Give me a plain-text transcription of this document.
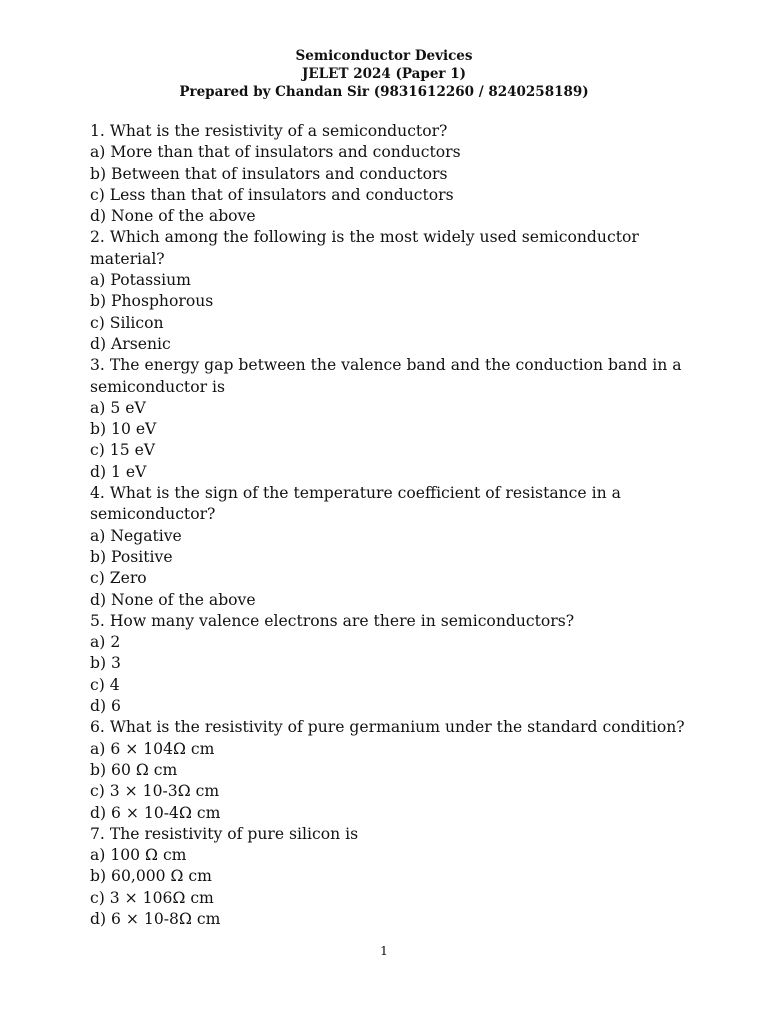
Semiconductor Devices
JELET 2024 (Paper 1)
Prepared by Chandan Sir (9831612260 / 8240258189)
1. What is the resistivity of a semiconductor?
a) More than that of insulators and conductors
b) Between that of insulators and conductors
c) Less than that of insulators and conductors
d) None of the above
2. Which among the following is the most widely used semiconductor
material?
a) Potassium
b) Phosphorous
c) Silicon
d) Arsenic
3. The energy gap between the valence band and the conduction band in a
semiconductor is
a) 5 eV
b) 10 eV
c) 15 eV
d) 1 eV
4. What is the sign of the temperature coefficient of resistance in a
semiconductor?
a) Negative
b) Positive
c) Zero
d) None of the above
5. How many valence electrons are there in semiconductors?
a) 2
b) 3
c) 4
d) 6
6. What is the resistivity of pure germanium under the standard condition?
a) 6 × 104Ω cm
b) 60 Ω cm
c) 3 × 10-3Ω cm
d) 6 × 10-4Ω cm
7. The resistivity of pure silicon is
a) 100 Ω cm
b) 60,000 Ω cm
c) 3 × 106Ω cm
d) 6 × 10-8Ω cm
1
